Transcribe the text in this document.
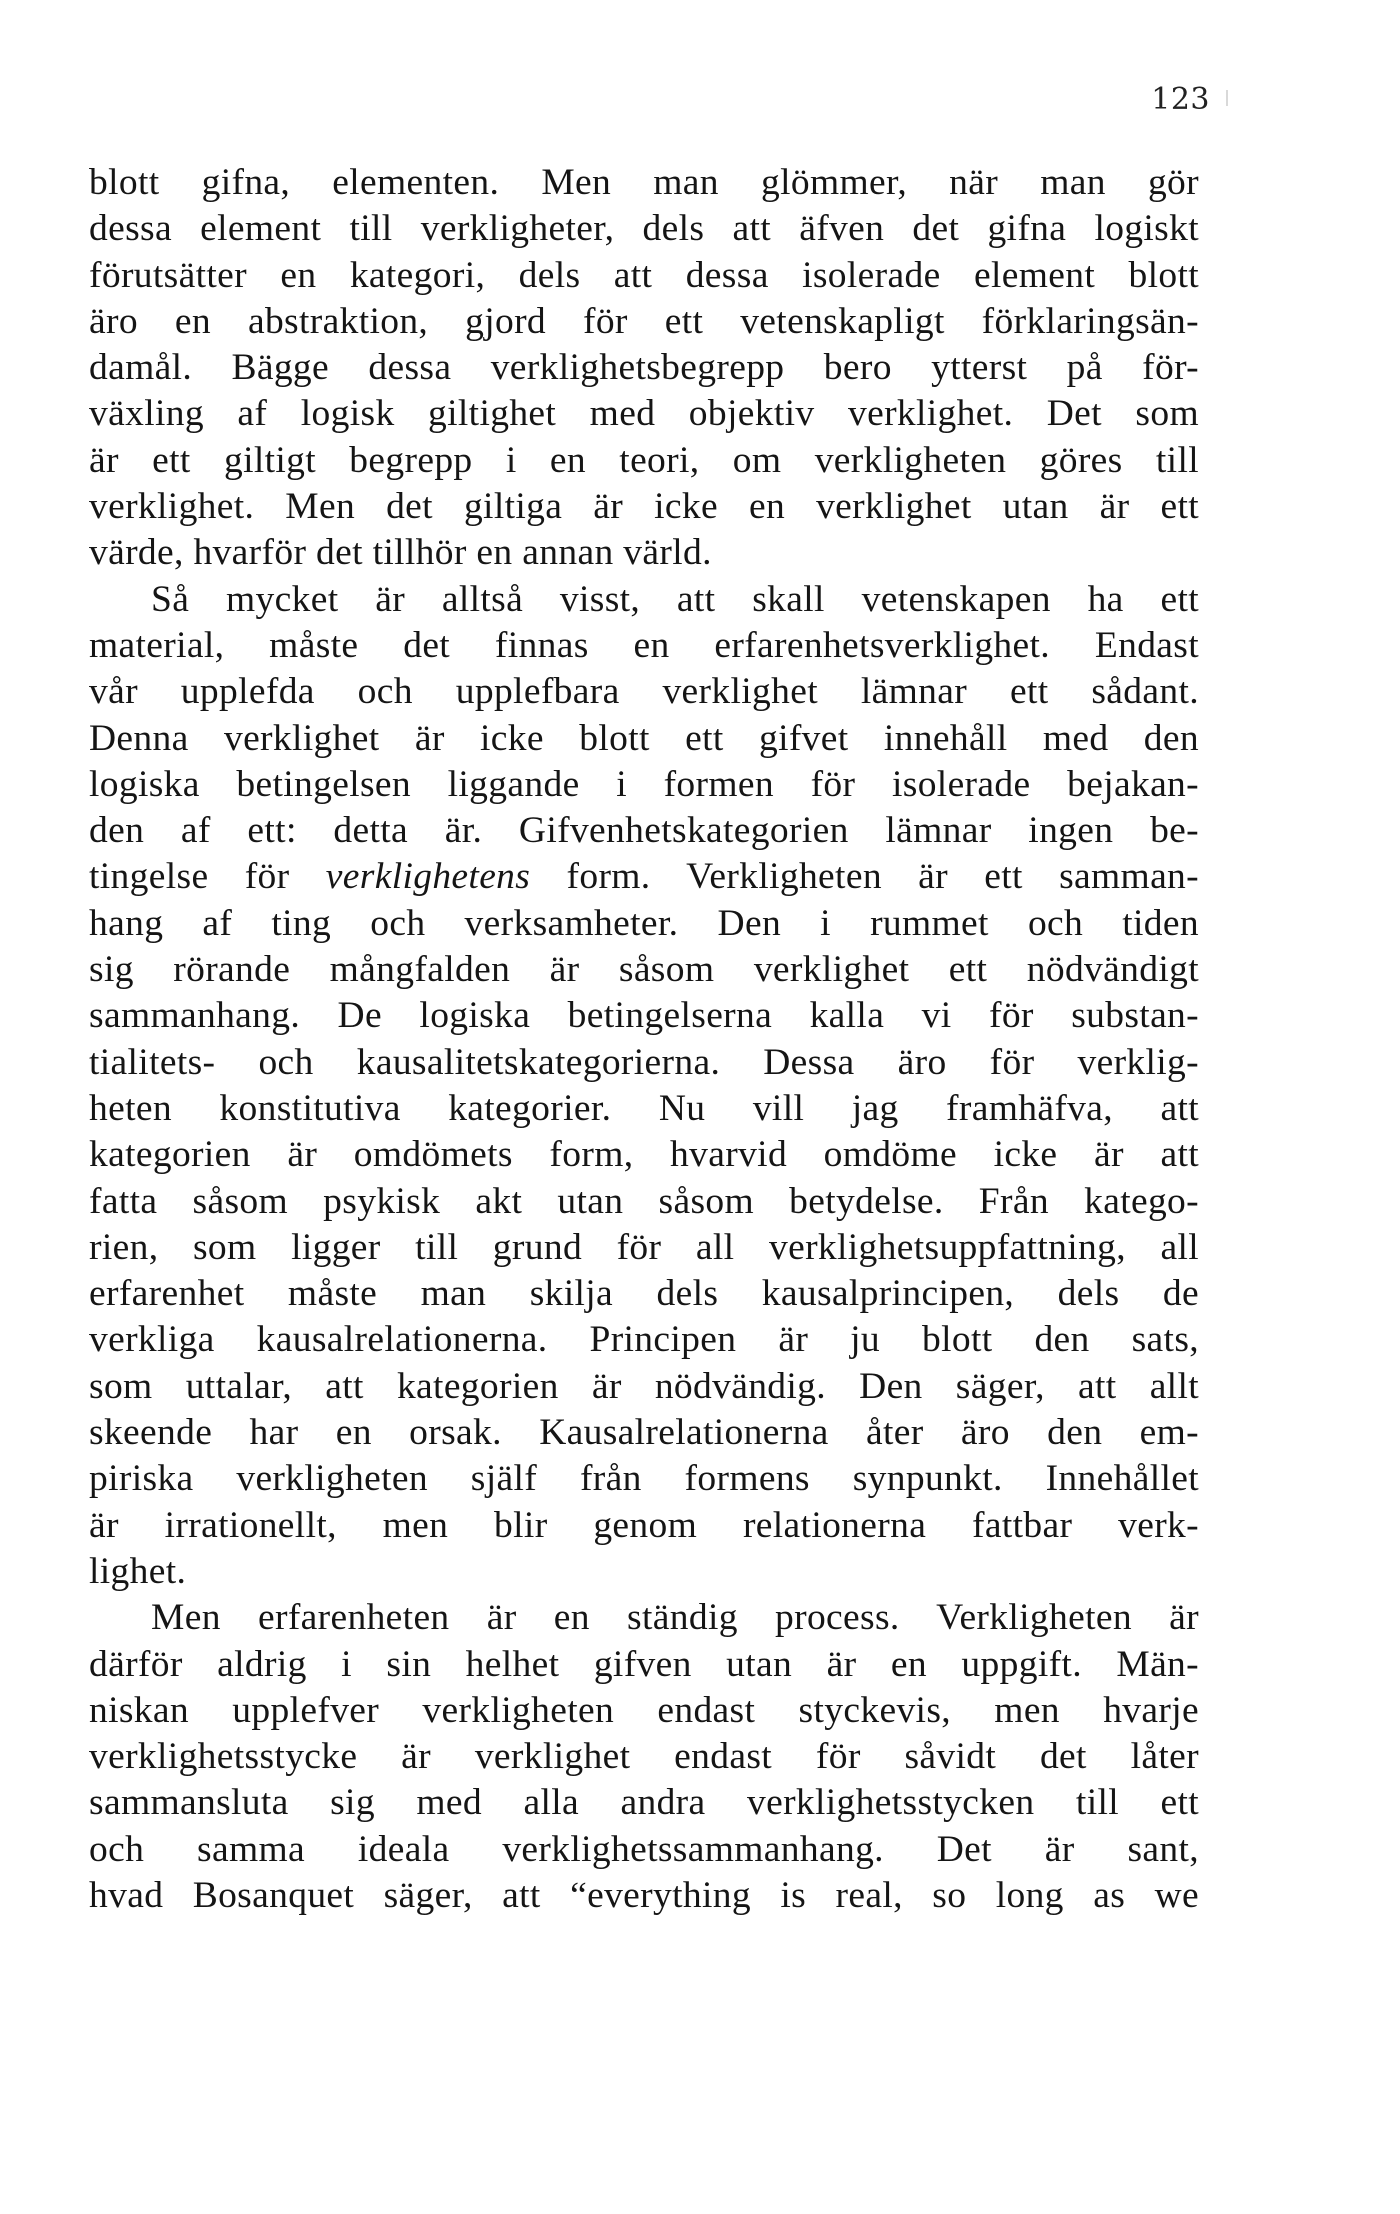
123
blott gifna, elementen. Men man glömmer, när man gör
dessa element till verkligheter, dels att äfven det gifna logiskt
förutsätter en kategori, dels att dessa isolerade element blott
äro en abstraktion, gjord för ett vetenskapligt förklaringsän-
damål. Bägge dessa verklighetsbegrepp bero ytterst på för-
växling af logisk giltighet med objektiv verklighet. Det som
är ett giltigt begrepp i en teori, om verkligheten göres till
verklighet. Men det giltiga är icke en verklighet utan är ett
värde, hvarför det tillhör en annan värld.
Så mycket är alltså visst, att skall vetenskapen ha ett
material, måste det finnas en erfarenhetsverklighet. Endast
vår upplefda och upplefbara verklighet lämnar ett sådant.
Denna verklighet är icke blott ett gifvet innehåll med den
logiska betingelsen liggande i formen för isolerade bejakan-
den af ett: detta är. Gifvenhetskategorien lämnar ingen be-
tingelse för verklighetens form. Verkligheten är ett samman-
hang af ting och verksamheter. Den i rummet och tiden
sig rörande mångfalden är såsom verklighet ett nödvändigt
sammanhang. De logiska betingelserna kalla vi för substan-
tialitets- och kausalitetskategorierna. Dessa äro för verklig-
heten konstitutiva kategorier. Nu vill jag framhäfva, att
kategorien är omdömets form, hvarvid omdöme icke är att
fatta såsom psykisk akt utan såsom betydelse. Från katego-
rien, som ligger till grund för all verklighetsuppfattning, all
erfarenhet måste man skilja dels kausalprincipen, dels de
verkliga kausalrelationerna. Principen är ju blott den sats,
som uttalar, att kategorien är nödvändig. Den säger, att allt
skeende har en orsak. Kausalrelationerna åter äro den em-
piriska verkligheten själf från formens synpunkt. Innehållet
är irrationellt, men blir genom relationerna fattbar verk-
lighet.
Men erfarenheten är en ständig process. Verkligheten är
därför aldrig i sin helhet gifven utan är en uppgift. Män-
niskan upplefver verkligheten endast styckevis, men hvarje
verklighetsstycke är verklighet endast för såvidt det låter
sammansluta sig med alla andra verklighetsstycken till ett
och samma ideala verklighetssammanhang. Det är sant,
hvad Bosanquet säger, att “everything is real, so long as we
